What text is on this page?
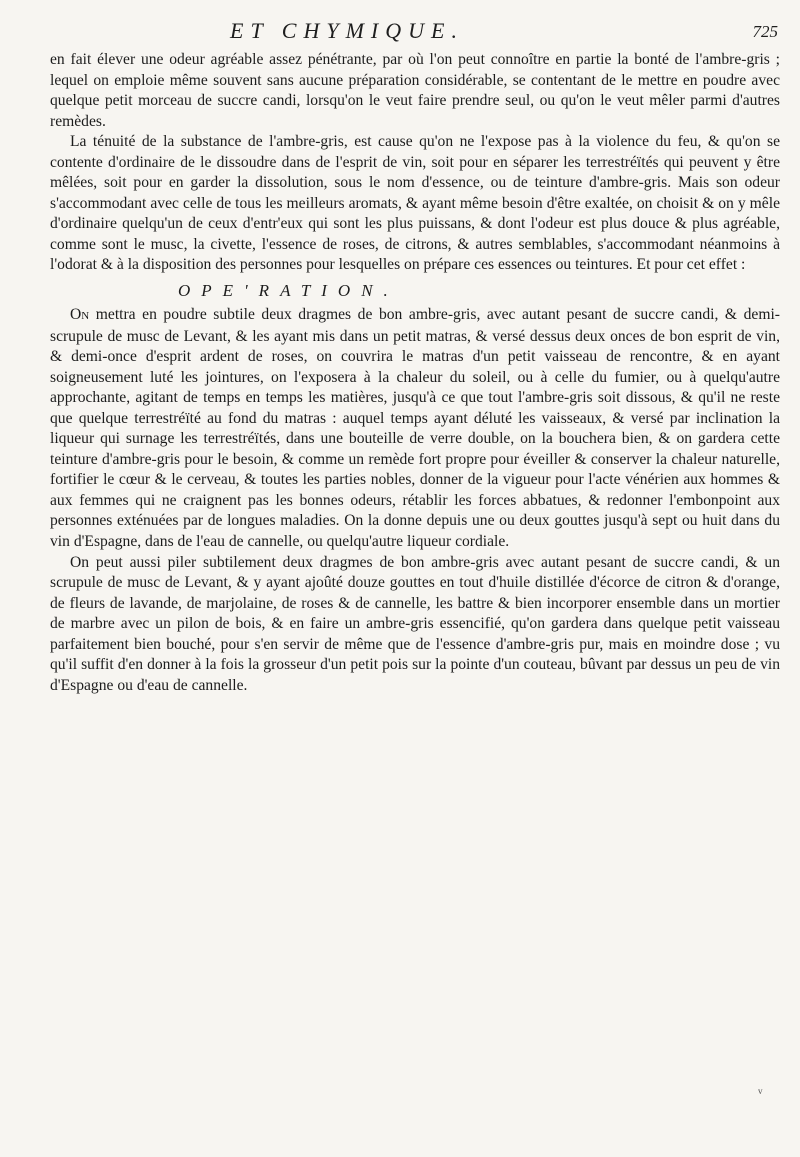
ET CHYMIQUE.	725

en fait élever une odeur agréable assez pénétrante, par où l'on peut connoître en partie la bonté de l'ambre-gris ; lequel on emploie même souvent sans aucune préparation considérable, se contentant de le mettre en poudre avec quelque petit morceau de succre candi, lorsqu'on le veut faire prendre seul, ou qu'on le veut mêler parmi d'autres remèdes.

La ténuité de la substance de l'ambre-gris, est cause qu'on ne l'expose pas à la violence du feu, & qu'on se contente d'ordinaire de le dissoudre dans de l'esprit de vin, soit pour en séparer les terrestréïtés qui peuvent y être mêlées, soit pour en garder la dissolution, sous le nom d'essence, ou de teinture d'ambre-gris. Mais son odeur s'accommodant avec celle de tous les meilleurs aromats, & ayant même besoin d'être exaltée, on choisit & on y mêle d'ordinaire quelqu'un de ceux d'entr'eux qui sont les plus puissans, & dont l'odeur est plus douce & plus agréable, comme sont le musc, la civette, l'essence de roses, de citrons, & autres semblables, s'accommodant néanmoins à l'odorat & à la disposition des personnes pour lesquelles on prépare ces essences ou teintures. Et pour cet effet :

OPE'RATION.

ON mettra en poudre subtile deux dragmes de bon ambre-gris, avec autant pesant de succre candi, & demi-scrupule de musc de Levant, & les ayant mis dans un petit matras, & versé dessus deux onces de bon esprit de vin, & demi-once d'esprit ardent de roses, on couvrira le matras d'un petit vaisseau de rencontre, & en ayant soigneusement luté les jointures, on l'exposera à la chaleur du soleil, ou à celle du fumier, ou à quelqu'autre approchante, agitant de temps en temps les matières, jusqu'à ce que tout l'ambre-gris soit dissous, & qu'il ne reste que quelque terrestréïté au fond du matras : auquel temps ayant déluté les vaisseaux, & versé par inclination la liqueur qui surnage les terrestréïtés, dans une bouteille de verre double, on la bouchera bien, & on gardera cette teinture d'ambre-gris pour le besoin, & comme un remède fort propre pour éveiller & conserver la chaleur naturelle, fortifier le cœur & le cerveau, & toutes les parties nobles, donner de la vigueur pour l'acte vénérien aux hommes & aux femmes qui ne craignent pas les bonnes odeurs, rétablir les forces abbatues, & redonner l'embonpoint aux personnes exténuées par de longues maladies. On la donne depuis une ou deux gouttes jusqu'à sept ou huit dans du vin d'Espagne, dans de l'eau de cannelle, ou quelqu'autre liqueur cordiale.

On peut aussi piler subtilement deux dragmes de bon ambre-gris avec autant pesant de succre candi, & un scrupule de musc de Levant, & y ayant ajoûté douze gouttes en tout d'huile distillée d'écorce de citron & d'orange, de fleurs de lavande, de marjolaine, de roses & de cannelle, les battre & bien incorporer ensemble dans un mortier de marbre avec un pilon de bois, & en faire un ambre-gris essencifié, qu'on gardera dans quelque petit vaisseau parfaitement bien bouché, pour s'en servir de même que de l'essence d'ambre-gris pur, mais en moindre dose ; vu qu'il suffit d'en donner à la fois la grosseur d'un petit pois sur la pointe d'un couteau, bûvant par dessus un peu de vin d'Espagne ou d'eau de cannelle.

v
